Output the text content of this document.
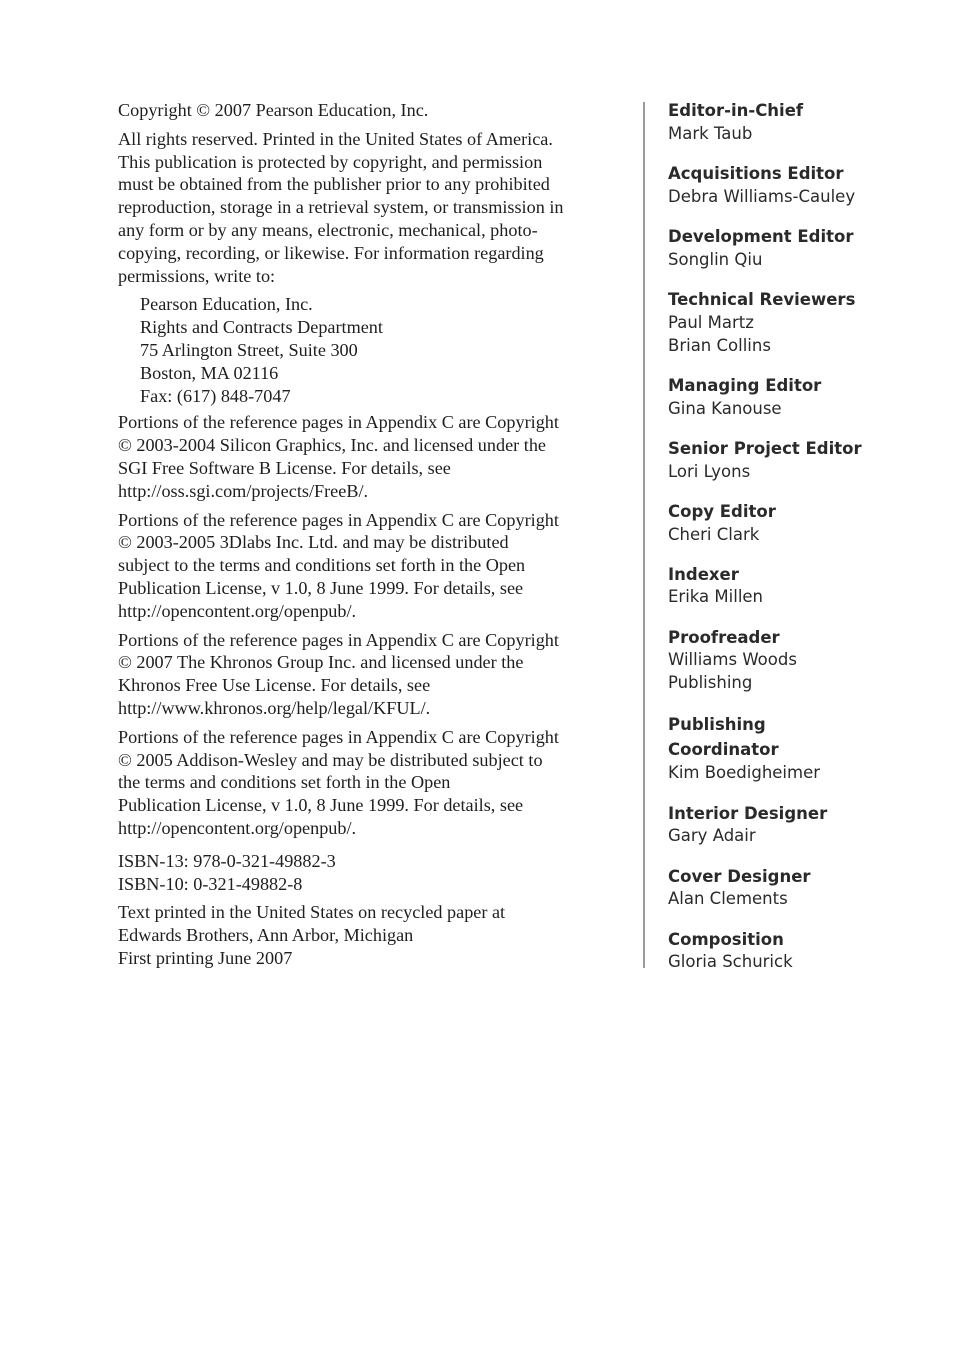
Copyright © 2007 Pearson Education, Inc.

All rights reserved. Printed in the United States of America.
This publication is protected by copyright, and permission
must be obtained from the publisher prior to any prohibited
reproduction, storage in a retrieval system, or transmission in
any form or by any means, electronic, mechanical, photo-
copying, recording, or likewise. For information regarding
permissions, write to:

Pearson Education, Inc.
Rights and Contracts Department
75 Arlington Street, Suite 300
Boston, MA 02116
Fax: (617) 848-7047

Portions of the reference pages in Appendix C are Copyright
© 2003-2004 Silicon Graphics, Inc. and licensed under the
SGI Free Software B License. For details, see
http://oss.sgi.com/projects/FreeB/.

Portions of the reference pages in Appendix C are Copyright
© 2003-2005 3Dlabs Inc. Ltd. and may be distributed
subject to the terms and conditions set forth in the Open
Publication License, v 1.0, 8 June 1999. For details, see
http://opencontent.org/openpub/.

Portions of the reference pages in Appendix C are Copyright
© 2007 The Khronos Group Inc. and licensed under the
Khronos Free Use License. For details, see
http://www.khronos.org/help/legal/KFUL/.

Portions of the reference pages in Appendix C are Copyright
© 2005 Addison-Wesley and may be distributed subject to
the terms and conditions set forth in the Open
Publication License, v 1.0, 8 June 1999. For details, see
http://opencontent.org/openpub/.

ISBN-13: 978-0-321-49882-3
ISBN-10: 0-321-49882-8

Text printed in the United States on recycled paper at
Edwards Brothers, Ann Arbor, Michigan
First printing June 2007

Editor-in-Chief
Mark Taub
Acquisitions Editor
Debra Williams-Cauley
Development Editor
Songlin Qiu
Technical Reviewers
Paul Martz
Brian Collins
Managing Editor
Gina Kanouse
Senior Project Editor
Lori Lyons
Copy Editor
Cheri Clark
Indexer
Erika Millen
Proofreader
Williams Woods
Publishing
Publishing
Coordinator
Kim Boedigheimer
Interior Designer
Gary Adair
Cover Designer
Alan Clements
Composition
Gloria Schurick
